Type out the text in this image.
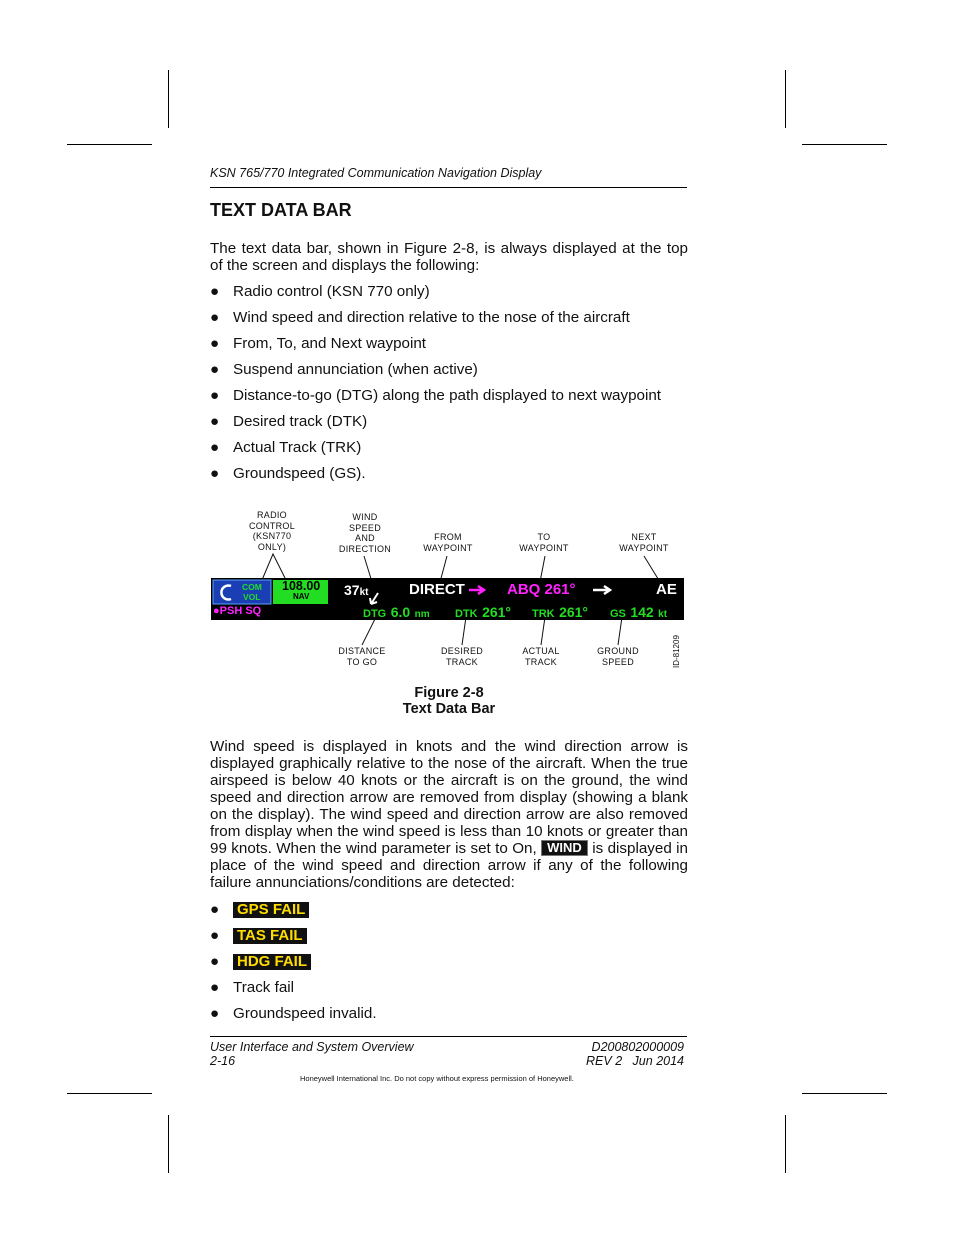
KSN 765/770 Integrated Communication Navigation Display
TEXT DATA BAR

The text data bar, shown in Figure 2-8, is always displayed at the top of the screen and displays the following:

● Radio control (KSN 770 only)
● Wind speed and direction relative to the nose of the aircraft
● From, To, and Next waypoint
● Suspend annunciation (when active)
● Distance-to-go (DTG) along the path displayed to next waypoint
● Desired track (DTK)
● Actual Track (TRK)
● Groundspeed (GS).
RADIO
CONTROL
(KSN770
ONLY)
WIND
SPEED
AND
DIRECTION
FROM
WAYPOINT
TO
WAYPOINT
NEXT
WAYPOINT
COM
VOL
108.00
NAV
●PSH SQ
37kt	DIRECT	ABQ 261°	AE
DTG 6.0 nm DTK 261° TRK 261° GS 142 kt
DISTANCE
TO GO
DESIRED
TRACK
ACTUAL
TRACK
GROUND
SPEED	ID-81209
Figure 2-8
Text Data Bar

Wind speed is displayed in knots and the wind direction arrow is displayed graphically relative to the nose of the aircraft. When the true airspeed is below 40 knots or the aircraft is on the ground, the wind speed and direction arrow are removed from display (showing a blank on the display). The wind speed and direction arrow are also removed from display when the wind speed is less than 10 knots or greater than 99 knots. When the wind parameter is set to On, WIND is displayed in place of the wind speed and direction arrow if any of the following failure annunciations/conditions are detected:

● GPS FAIL
● TAS FAIL
● HDG FAIL
● Track fail
● Groundspeed invalid.
User Interface and System Overview
2-16
D200802000009
REV 2   Jun 2014
Honeywell International Inc. Do not copy without express permission of Honeywell.
